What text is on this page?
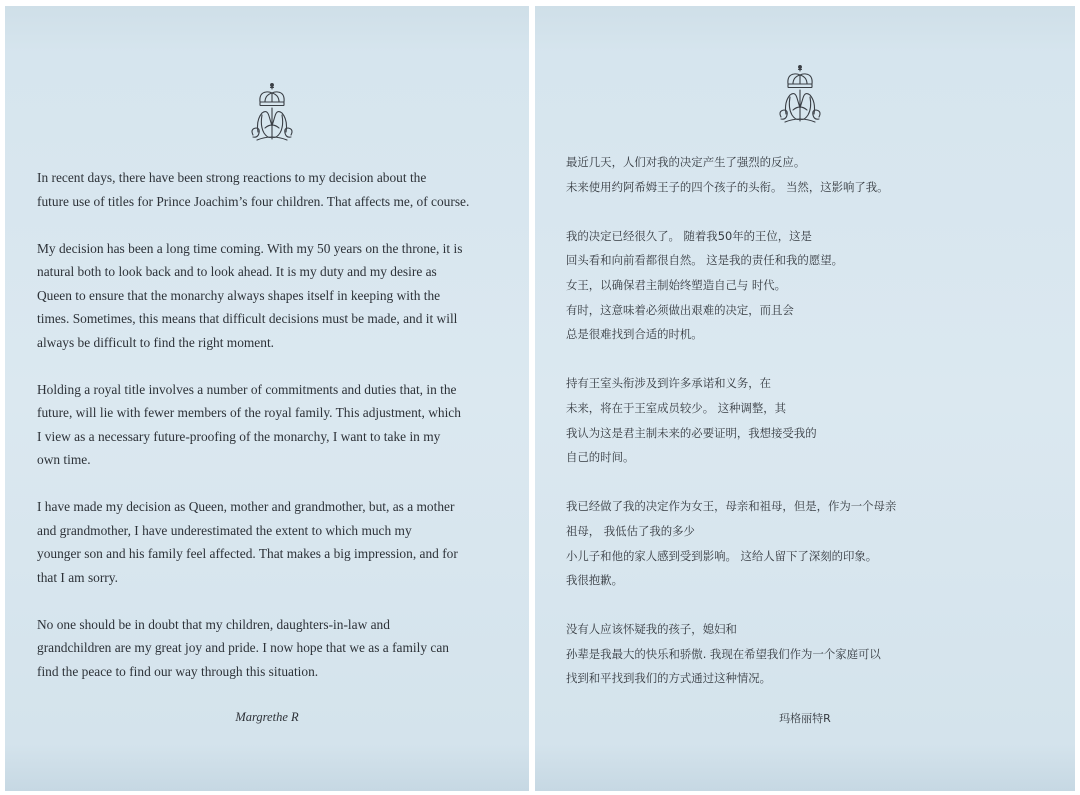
In recent days, there have been strong reactions to my decision about the
future use of titles for Prince Joachim’s four children. That affects me, of course.

My decision has been a long time coming. With my 50 years on the throne, it is
natural both to look back and to look ahead. It is my duty and my desire as
Queen to ensure that the monarchy always shapes itself in keeping with the
times. Sometimes, this means that difficult decisions must be made, and it will
always be difficult to find the right moment.

Holding a royal title involves a number of commitments and duties that, in the
future, will lie with fewer members of the royal family. This adjustment, which
I view as a necessary future-proofing of the monarchy, I want to take in my
own time.

I have made my decision as Queen, mother and grandmother, but, as a mother
and grandmother, I have underestimated the extent to which much my
younger son and his family feel affected. That makes a big impression, and for
that I am sorry.

No one should be in doubt that my children, daughters-in-law and
grandchildren are my great joy and pride. I now hope that we as a family can
find the peace to find our way through this situation.

Margrethe R

最近几天，人们对我的决定产生了强烈的反应。
未来使用约阿希姆王子的四个孩子的头衔。 当然，这影响了我。

我的决定已经很久了。 随着我50年的王位，这是
回头看和向前看都很自然。 这是我的责任和我的愿望。
女王，以确保君主制始终塑造自己与 时代。
有时，这意味着必须做出艰难的决定，而且会
总是很难找到合适的时机。

持有王室头衔涉及到许多承诺和义务，在
未来，将在于王室成员较少。 这种调整，其
我认为这是君主制未来的必要证明，我想接受我的
自己的时间。

我已经做了我的决定作为女王，母亲和祖母，但是，作为一个母亲
祖母， 我低估了我的多少
小儿子和他的家人感到受到影响。 这给人留下了深刻的印象。
我很抱歉。

没有人应该怀疑我的孩子，媳妇和
孙辈是我最大的快乐和骄傲. 我现在希望我们作为一个家庭可以
找到和平找到我们的方式通过这种情况。

玛格丽特R
